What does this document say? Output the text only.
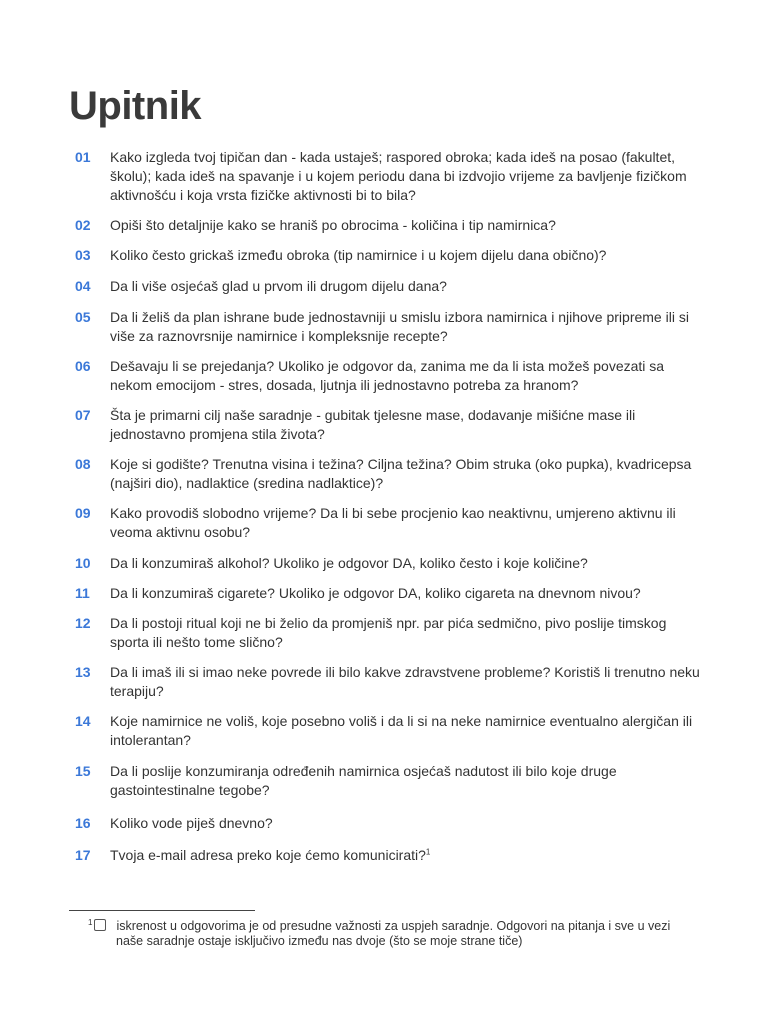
Upitnik
01	Kako izgleda tvoj tipičan dan - kada ustaješ; raspored obroka; kada ideš na posao (fakultet, školu); kada ideš na spavanje i u kojem periodu dana bi izdvojio vrijeme za bavljenje fizičkom aktivnošću i koja vrsta fizičke aktivnosti bi to bila?
02	Opiši što detaljnije kako se hraniš po obrocima - količina i tip namirnica?
03	Koliko često grickaš između obroka (tip namirnice i u kojem dijelu dana obično)?
04	Da li više osjećaš glad u prvom ili drugom dijelu dana?
05	Da li želiš da plan ishrane bude jednostavniji u smislu izbora namirnica i njihove pripreme ili si više za raznovrsnije namirnice i kompleksnije recepte?
06	Dešavaju li se prejedanja? Ukoliko je odgovor da, zanima me da li ista možeš povezati sa nekom emocijom - stres, dosada, ljutnja ili jednostavno potreba za hranom?
07	Šta je primarni cilj naše saradnje - gubitak tjelesne mase, dodavanje mišićne mase ili jednostavno promjena stila života?
08	Koje si godište? Trenutna visina i težina? Ciljna težina? Obim struka (oko pupka), kvadricepsa (najširi dio), nadlaktice (sredina nadlaktice)?
09	Kako provodiš slobodno vrijeme? Da li bi sebe procjenio kao neaktivnu, umjereno aktivnu ili veoma aktivnu osobu?
10	Da li konzumiraš alkohol? Ukoliko je odgovor DA, koliko često i koje količine?
11	Da li konzumiraš cigarete? Ukoliko je odgovor DA, koliko cigareta na dnevnom nivou?
12	Da li postoji ritual koji ne bi želio da promjeniš npr. par pića sedmično, pivo poslije timskog sporta ili nešto tome slično?
13	Da li imaš ili si imao neke povrede ili bilo kakve zdravstvene probleme? Koristiš li trenutno neku terapiju?
14	Koje namirnice ne voliš, koje posebno voliš i da li si na neke namirnice eventualno alergičan ili intolerantan?
15	Da li poslije konzumiranja određenih namirnica osjećaš nadutost ili bilo koje druge gastointestinalne tegobe?
16	Koliko vode piješ dnevno?
17	Tvoja e-mail adresa preko koje ćemo komunicirati?$^1$
$^1$ iskrenost u odgovorima je od presudne važnosti za uspjeh saradnje. Odgovori na pitanja i sve u vezi
naše saradnje ostaje isključivo između nas dvoje (što se moje strane tiče)
